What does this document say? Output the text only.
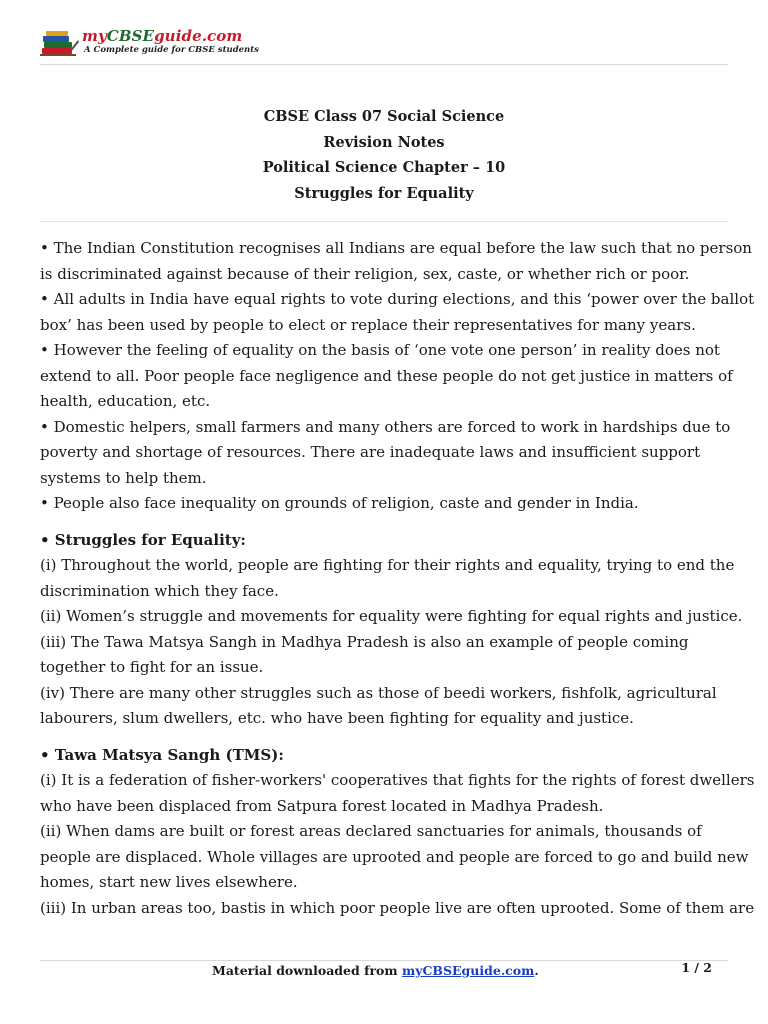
myCBSEguide.com
A Complete guide for CBSE students
CBSE Class 07 Social Science
Revision Notes
Political Science Chapter – 10
Struggles for Equality

• The Indian Constitution recognises all Indians are equal before the law such that no person

is discriminated against because of their religion, sex, caste, or whether rich or poor.

• All adults in India have equal rights to vote during elections, and this ‘power over the ballot

box’ has been used by people to elect or replace their representatives for many years.

• However the feeling of equality on the basis of ‘one vote one person’ in reality does not

extend to all. Poor people face negligence and these people do not get justice in matters of

health, education, etc.

• Domestic helpers, small farmers and many others are forced to work in hardships due to

poverty and shortage of resources. There are inadequate laws and insufficient support

systems to help them.

• People also face inequality on grounds of religion, caste and gender in India.

• Struggles for Equality:

(i) Throughout the world, people are fighting for their rights and equality, trying to end the

discrimination which they face.

(ii) Women’s struggle and movements for equality were fighting for equal rights and justice.

(iii) The Tawa Matsya Sangh in Madhya Pradesh is also an example of people coming

together to fight for an issue.

(iv) There are many other struggles such as those of beedi workers, fishfolk, agricultural

labourers, slum dwellers, etc. who have been fighting for equality and justice.

• Tawa Matsya Sangh (TMS):

(i) It is a federation of fisher-workers' cooperatives that fights for the rights of forest dwellers

who have been displaced from Satpura forest located in Madhya Pradesh.

(ii) When dams are built or forest areas declared sanctuaries for animals, thousands of

people are displaced. Whole villages are uprooted and people are forced to go and build new

homes, start new lives elsewhere.

(iii) In urban areas too, bastis in which poor people live are often uprooted. Some of them are

Material downloaded from myCBSEguide.com.	1 / 2
